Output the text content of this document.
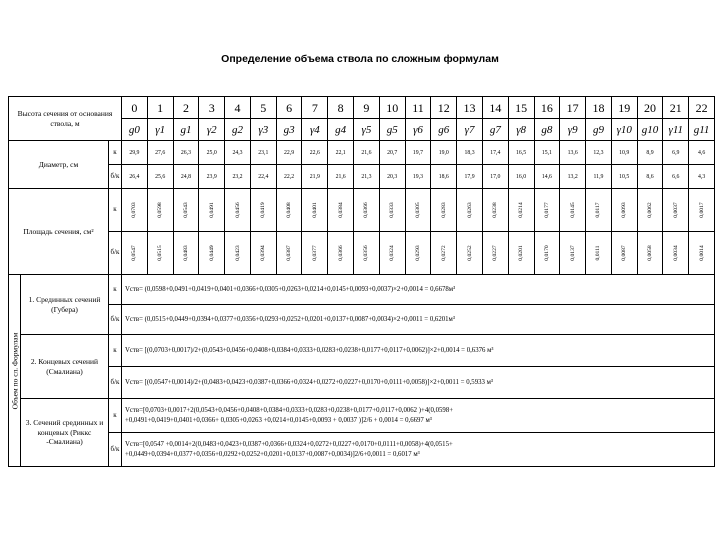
Определение объема ствола по сложным формулам
Высота сечения от основания ствола, м			0	1	2	3	4	5	6	7	8	9	10	11	12	13	14	15	16	17	18	19	20	21	22
			g0	γ1	g1	γ2	g2	γ3	g3	γ4	g4	γ5	g5	γ6	g6	γ7	g7	γ8	g8	γ9	g9	γ10	g10	γ11	g11
Диаметр, см		к	29,9	27,6	26,3	25,0	24,3	23,1	22,9	22,6	22,1	21,6	20,7	19,7	19,0	18,3	17,4	16,5	15,1	13,6	12,3	10,9	8,9	6,9	4,6
		б/к	26,4	25,6	24,8	23,9	23,2	22,4	22,2	21,9	21,6	21,3	20,3	19,3	18,6	17,9	17,0	16,0	14,6	13,2	11,9	10,5	8,6	6,6	4,3
Площадь сечения, см²		к	0,0703	0,0598	0,0543	0,0491	0,0456	0,0419	0,0408	0,0401	0,0384	0,0366	0,0333	0,0305	0,0283	0,0263	0,0238	0,0214	0,0177	0,0145	0,0117	0,0093	0,0062	0,0037	0,0017

		б/к	0,0547	0,0515	0,0483	0,0449	0,0423	0,0394	0,0387	0,0377	0,0366	0,0356	0,0324	0,0293	0,0272	0,0252	0,0227	0,0201	0,0170	0,0137	0,0111	0,0087	0,0058	0,0034	0,0014

Объем по сл. Формулам	1. Срединных сечений (Губера)	к	Vств= (0,0598+0,0491+0,0419+0,0401+0,0366+0,0305+0,0263+0,0214+0,0145+0,0093+0,0037)×2+0,0014 = 0,6678м³																						
		б/к	Vств= (0,0515+0,0449+0,0394+0,0377+0,0356+0,0293+0,0252+0,0201+0,0137+0,0087+0,0034)×2+0,0011 = 0,6201м³																						
	2. Концевых сечений (Смалиана)	к	Vств= [(0,0703+0,0017)/2+(0,0543+0,0456+0,0408+0,0384+0,0333+0,0283+0,0238+0,0177+0,0117+0,0062)]×2+0,0014 = 0,6376 м³																						
		б/к	Vств= [(0,0547+0,0014)/2+(0,0483+0,0423+0,0387+0,0366+0,0324+0,0272+0,0227+0,0170+0,0111+0,0058)]×2+0,0011 = 0,5933 м³																						
	3. Сечений срединных и концевых (Риккс -Смалиана)	к	Vств=[0,0703+0,0017+2(0,0543+0,0456+0,0408+0,0384+0,0333+0,0283+0,0238+0,0177+0,0117+0,0062 )+4(0,0598+
+0,0491+0,0419+0,0401+0,0366+ 0,0305+0,0263 +0,0214+0,0145+0,0093 + 0,0037 )]2/6 + 0,0014 = 0,6697 м³																						
		б/к	Vств=[0,0547 +0,0014+2(0,0483+0,0423+0,0387+0,0366+0,0324+0,0272+0,0227+0,0170+0,0111+0,0058)+4(0,0515+
+0,0449+0,0394+0,0377+0,0356+0,0292+0,0252+0,0201+0,0137+0,0087+0,0034)]2/6+0,0011 = 0,6017 м³																						
